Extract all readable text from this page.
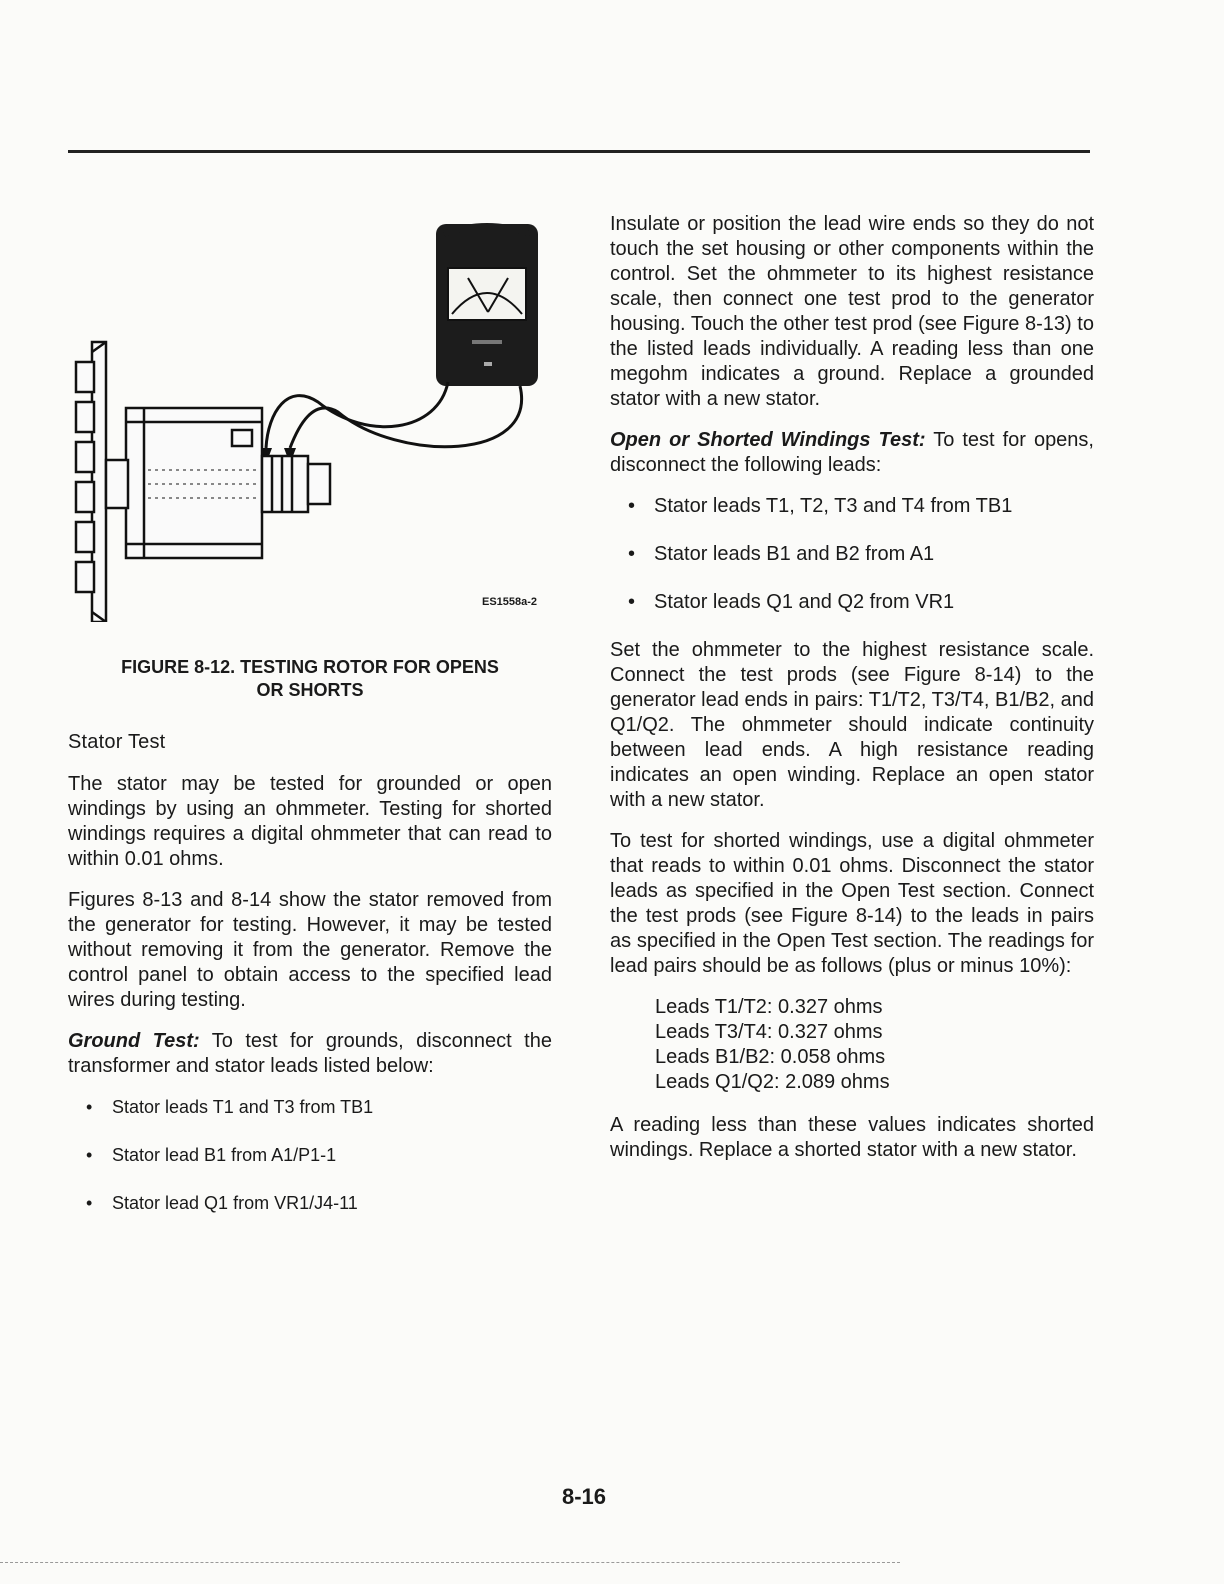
ES1558a-2
FIGURE 8-12. TESTING ROTOR FOR OPENS
OR SHORTS
Stator Test

The stator may be tested for grounded or open windings by using an ohmmeter. Testing for shorted windings requires a digital ohmmeter that can read to within 0.01 ohms.

Figures 8-13 and 8-14 show the stator removed from the generator for testing. However, it may be tested without removing it from the generator. Remove the control panel to obtain access to the specified lead wires during testing.

Ground Test: To test for grounds, disconnect the transformer and stator leads listed below:

• Stator leads T1 and T3 from TB1
• Stator lead B1 from A1/P1-1
• Stator lead Q1 from VR1/J4-11

Insulate or position the lead wire ends so they do not touch the set housing or other components within the control. Set the ohmmeter to its highest resistance scale, then connect one test prod to the generator housing. Touch the other test prod (see Figure 8-13) to the listed leads individually. A reading less than one megohm indicates a ground. Replace a grounded stator with a new stator.

Open or Shorted Windings Test: To test for opens, disconnect the following leads:

• Stator leads T1, T2, T3 and T4 from TB1
• Stator leads B1 and B2 from A1
• Stator leads Q1 and Q2 from VR1

Set the ohmmeter to the highest resistance scale. Connect the test prods (see Figure 8-14) to the generator lead ends in pairs: T1/T2, T3/T4, B1/B2, and Q1/Q2. The ohmmeter should indicate continuity between lead ends. A high resistance reading indicates an open winding. Replace an open stator with a new stator.

To test for shorted windings, use a digital ohmmeter that reads to within 0.01 ohms. Disconnect the stator leads as specified in the Open Test section. Connect the test prods (see Figure 8-14) to the leads in pairs as specified in the Open Test section. The readings for lead pairs should be as follows (plus or minus 10%):

Leads T1/T2: 0.327 ohms
Leads T3/T4: 0.327 ohms
Leads B1/B2: 0.058 ohms
Leads Q1/Q2: 2.089 ohms

A reading less than these values indicates shorted windings. Replace a shorted stator with a new stator.

8-16
